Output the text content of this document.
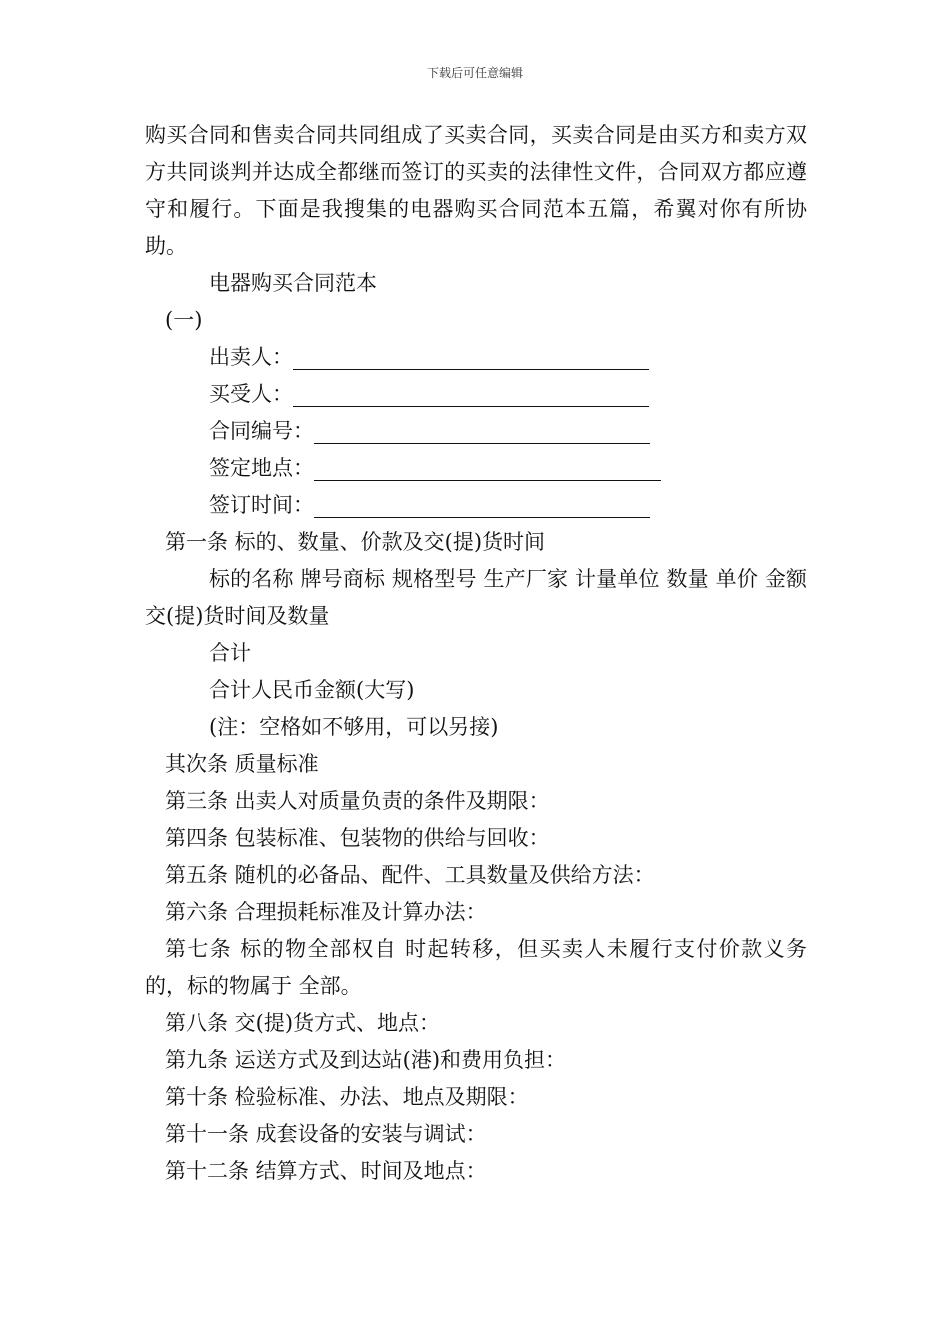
下载后可任意编辑

购买合同和售卖合同共同组成了买卖合同，买卖合同是由买方和卖方双方共同谈判并达成全都继而签订的买卖的法律性文件，合同双方都应遵守和履行。下面是我搜集的电器购买合同范本五篇，希翼对你有所协助。

电器购买合同范本

(一)

出卖人：
买受人：
合同编号：
签定地点：
签订时间：

第一条 标的、数量、价款及交(提)货时间

标的名称 牌号商标 规格型号 生产厂家 计量单位 数量 单价 金额 交(提)货时间及数量

合计

合计人民币金额(大写)

(注：空格如不够用，可以另接)

其次条 质量标准

第三条 出卖人对质量负责的条件及期限：

第四条 包装标准、包装物的供给与回收：

第五条 随机的必备品、配件、工具数量及供给方法：

第六条 合理损耗标准及计算办法：

第七条 标的物全部权自 时起转移，但买卖人未履行支付价款义务的，标的物属于 全部。

第八条 交(提)货方式、地点：

第九条 运送方式及到达站(港)和费用负担：

第十条 检验标准、办法、地点及期限：

第十一条 成套设备的安装与调试：

第十二条 结算方式、时间及地点：
